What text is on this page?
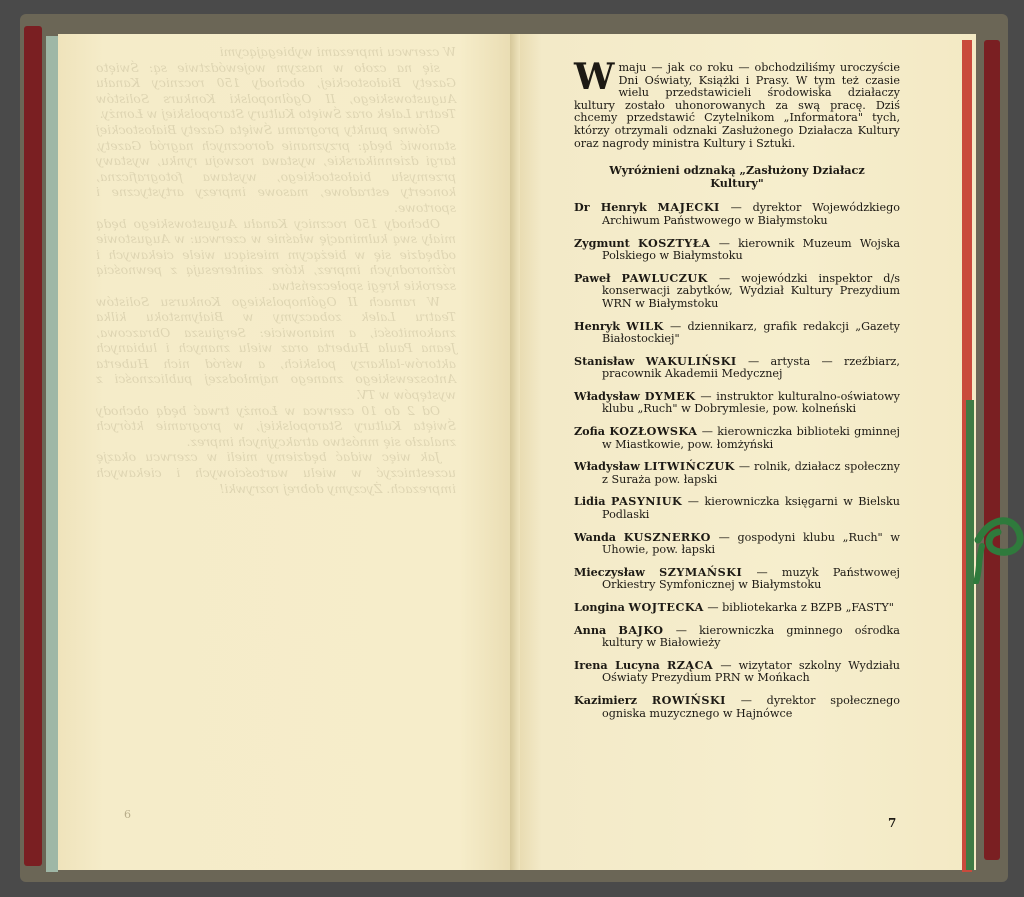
W czerwcu imprezami wybiegającymi

się na czoło w naszym województwie są: Święto Gazety Białostockiej, obchody 150 rocznicy Kanału Augustowskiego, II Ogólnopolski Konkurs Solistów Teatru Lalek oraz Święto Kultury Staropolskiej w Łomży.

Główne punkty programu Święta Gazety Białostockiej stanowić będą: przyznanie dorocznych nagród Gazety, targi dziennikarskie, wystawa rozwoju rynku, wystawy przemysłu białostockiego, wystawa fotograficzna, koncerty estradowe, masowe imprezy artystyczne i sportowe.

Obchody 150 rocznicy Kanału Augustowskiego będą miały swą kulminację właśnie w czerwcu: w Augustowie odbędzie się w bieżącym miesiącu wiele ciekawych i różnorodnych imprez, które zainteresują z pewnością szerokie kręgi społeczeństwa.

W ramach II Ogólnopolskiego Konkursu Solistów Teatru Lalek zobaczymy w Białymstoku kilka znakomitości, a mianowicie: Sergiusza Obrazcowa, Jeana Paula Huberta oraz wielu znanych i lubianych aktorów-lalkarzy polskich, a wśród nich Huberta Antoszewskiego znanego najmłodszej publiczności z występów w TV.

Od 2 do 10 czerwca w Łomży trwać będą obchody Święta Kultury Staropolskiej, w programie których znalazło się mnóstwo atrakcyjnych imprez.

Jak więc widać będziemy mieli w czerwcu okazję uczestniczyć w wielu wartościowych i ciekawych imprezach. Życzymy dobrej rozrywki!

6

W maju — jak co roku — obchodziliśmy uroczyście Dni Oświaty, Książki i Prasy. W tym też czasie wielu przedstawicieli środowiska działaczy kultury zostało uhonorowanych za swą pracę. Dziś chcemy przedstawić Czytelnikom „Informatora" tych, którzy otrzymali odznaki Zasłużonego Działacza Kultury oraz nagrody ministra Kultury i Sztuki.

Wyróżnieni odznaką „Zasłużony Działacz Kultury"
Dr Henryk MAJECKI — dyrektor Wojewódzkiego Archiwum Państwowego w Białymstoku
Zygmunt KOSZTYŁA — kierownik Muzeum Wojska Polskiego w Białymstoku
Paweł PAWLUCZUK — wojewódzki inspektor d/s konserwacji zabytków, Wydział Kultury Prezydium WRN w Białymstoku
Henryk WILK — dziennikarz, grafik redakcji „Gazety Białostockiej"
Stanisław WAKULIŃSKI — artysta — rzeźbiarz, pracownik Akademii Medycznej
Władysław DYMEK — instruktor kulturalno-oświatowy klubu „Ruch" w Dobrymlesie, pow. kolneński
Zofia KOZŁOWSKA — kierowniczka biblioteki gminnej w Miastkowie, pow. łomżyński
Władysław LITWIŃCZUK — rolnik, działacz społeczny z Suraża pow. łapski
Lidia PASYNIUK — kierowniczka księgarni w Bielsku Podlaski
Wanda KUSZNERKO — gospodyni klubu „Ruch" w Uhowie, pow. łapski
Mieczysław SZYMAŃSKI — muzyk Państwowej Orkiestry Symfonicznej w Białymstoku
Longina WOJTECKA — bibliotekarka z BZPB „FASTY"
Anna BAJKO — kierowniczka gminnego ośrodka kultury w Białowieży
Irena Lucyna RZĄCA — wizytator szkolny Wydziału Oświaty Prezydium PRN w Mońkach
Kazimierz ROWIŃSKI — dyrektor społecznego ogniska muzycznego w Hajnówce
7
